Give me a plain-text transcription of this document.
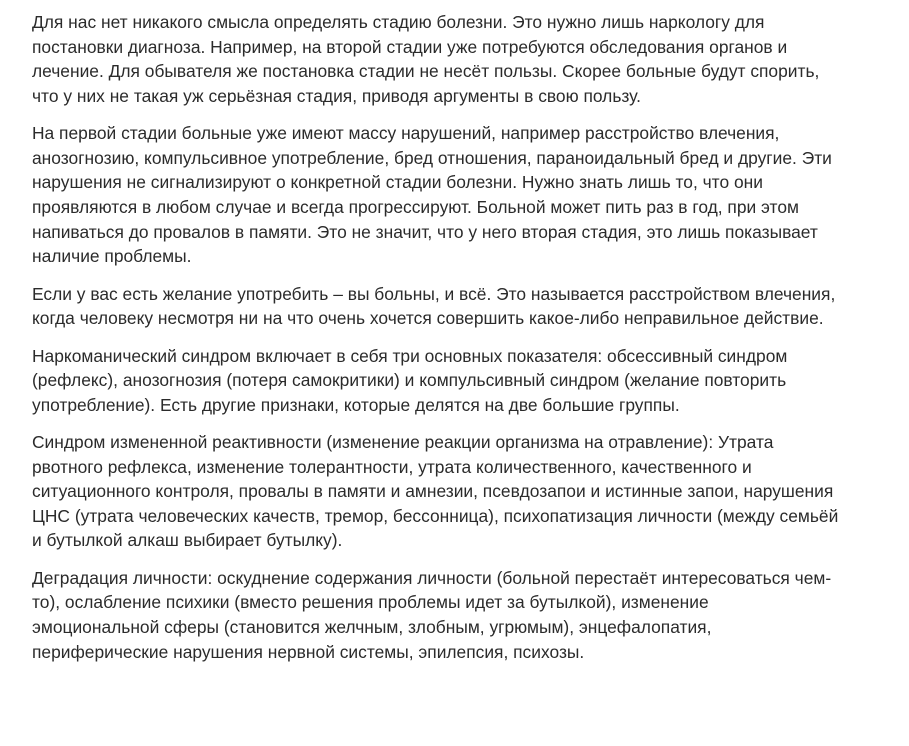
Для нас нет никакого смысла определять стадию болезни. Это нужно лишь наркологу для
постановки диагноза. Например, на второй стадии уже потребуются обследования органов и
лечение. Для обывателя же постановка стадии не несёт пользы. Скорее больные будут спорить,
что у них не такая уж серьёзная стадия, приводя аргументы в свою пользу.

На первой стадии больные уже имеют массу нарушений, например расстройство влечения,
анозогнозию, компульсивное употребление, бред отношения, параноидальный бред и другие. Эти
нарушения не сигнализируют о конкретной стадии болезни. Нужно знать лишь то, что они
проявляются в любом случае и всегда прогрессируют. Больной может пить раз в год, при этом
напиваться до провалов в памяти. Это не значит, что у него вторая стадия, это лишь показывает
наличие проблемы.

Если у вас есть желание употребить – вы больны, и всё. Это называется расстройством влечения,
когда человеку несмотря ни на что очень хочется совершить какое-либо неправильное действие.

Наркоманический синдром включает в себя три основных показателя: обсессивный синдром
(рефлекс), анозогнозия (потеря самокритики) и компульсивный синдром (желание повторить
употребление). Есть другие признаки, которые делятся на две большие группы.

Синдром измененной реактивности (изменение реакции организма на отравление): Утрата
рвотного рефлекса, изменение толерантности, утрата количественного, качественного и
ситуационного контроля, провалы в памяти и амнезии, псевдозапои и истинные запои, нарушения
ЦНС (утрата человеческих качеств, тремор, бессонница), психопатизация личности (между семьёй
и бутылкой алкаш выбирает бутылку).

Деградация личности: оскуднение содержания личности (больной перестаёт интересоваться чем-
то), ослабление психики (вместо решения проблемы идет за бутылкой), изменение
эмоциональной сферы (становится желчным, злобным, угрюмым), энцефалопатия,
периферические нарушения нервной системы, эпилепсия, психозы.
